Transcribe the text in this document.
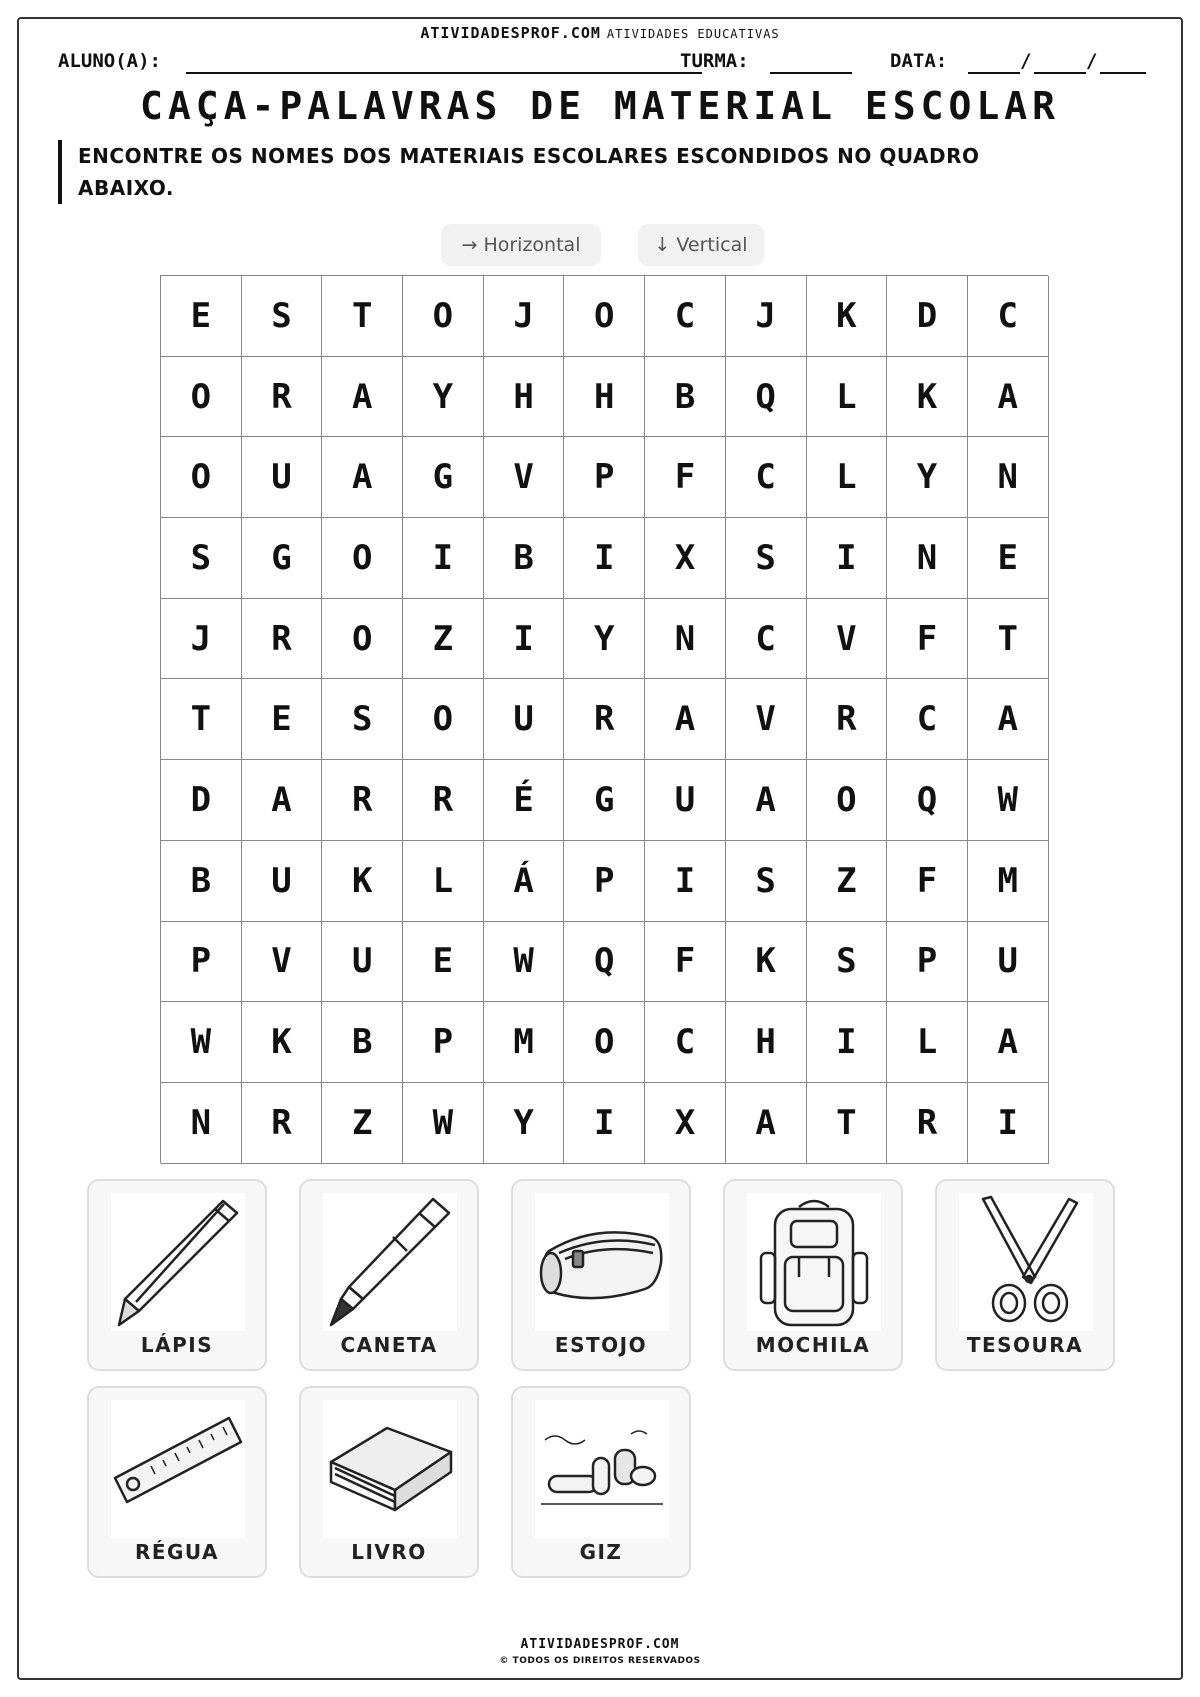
ATIVIDADESPROF.COM ATIVIDADES EDUCATIVAS
ALUNO(A):	TURMA:	DATA:	/	/
CAÇA-PALAVRAS DE MATERIAL ESCOLAR
ENCONTRE OS NOMES DOS MATERIAIS ESCOLARES ESCONDIDOS NO QUADRO ABAIXO.
→ Horizontal	↓ Vertical
E	S	T	O	J	O	C	J	K	D	C
O	R	A	Y	H	H	B	Q	L	K	A
O	U	A	G	V	P	F	C	L	Y	N
S	G	O	I	B	I	X	S	I	N	E
J	R	O	Z	I	Y	N	C	V	F	T
T	E	S	O	U	R	A	V	R	C	A
D	A	R	R	É	G	U	A	O	Q	W
B	U	K	L	Á	P	I	S	Z	F	M
P	V	U	E	W	Q	F	K	S	P	U
W	K	B	P	M	O	C	H	I	L	A
N	R	Z	W	Y	I	X	A	T	R	I
LÁPIS	CANETA	ESTOJO	MOCHILA	TESOURA
RÉGUA	LIVRO	GIZ
ATIVIDADESPROF.COM
© TODOS OS DIREITOS RESERVADOS
